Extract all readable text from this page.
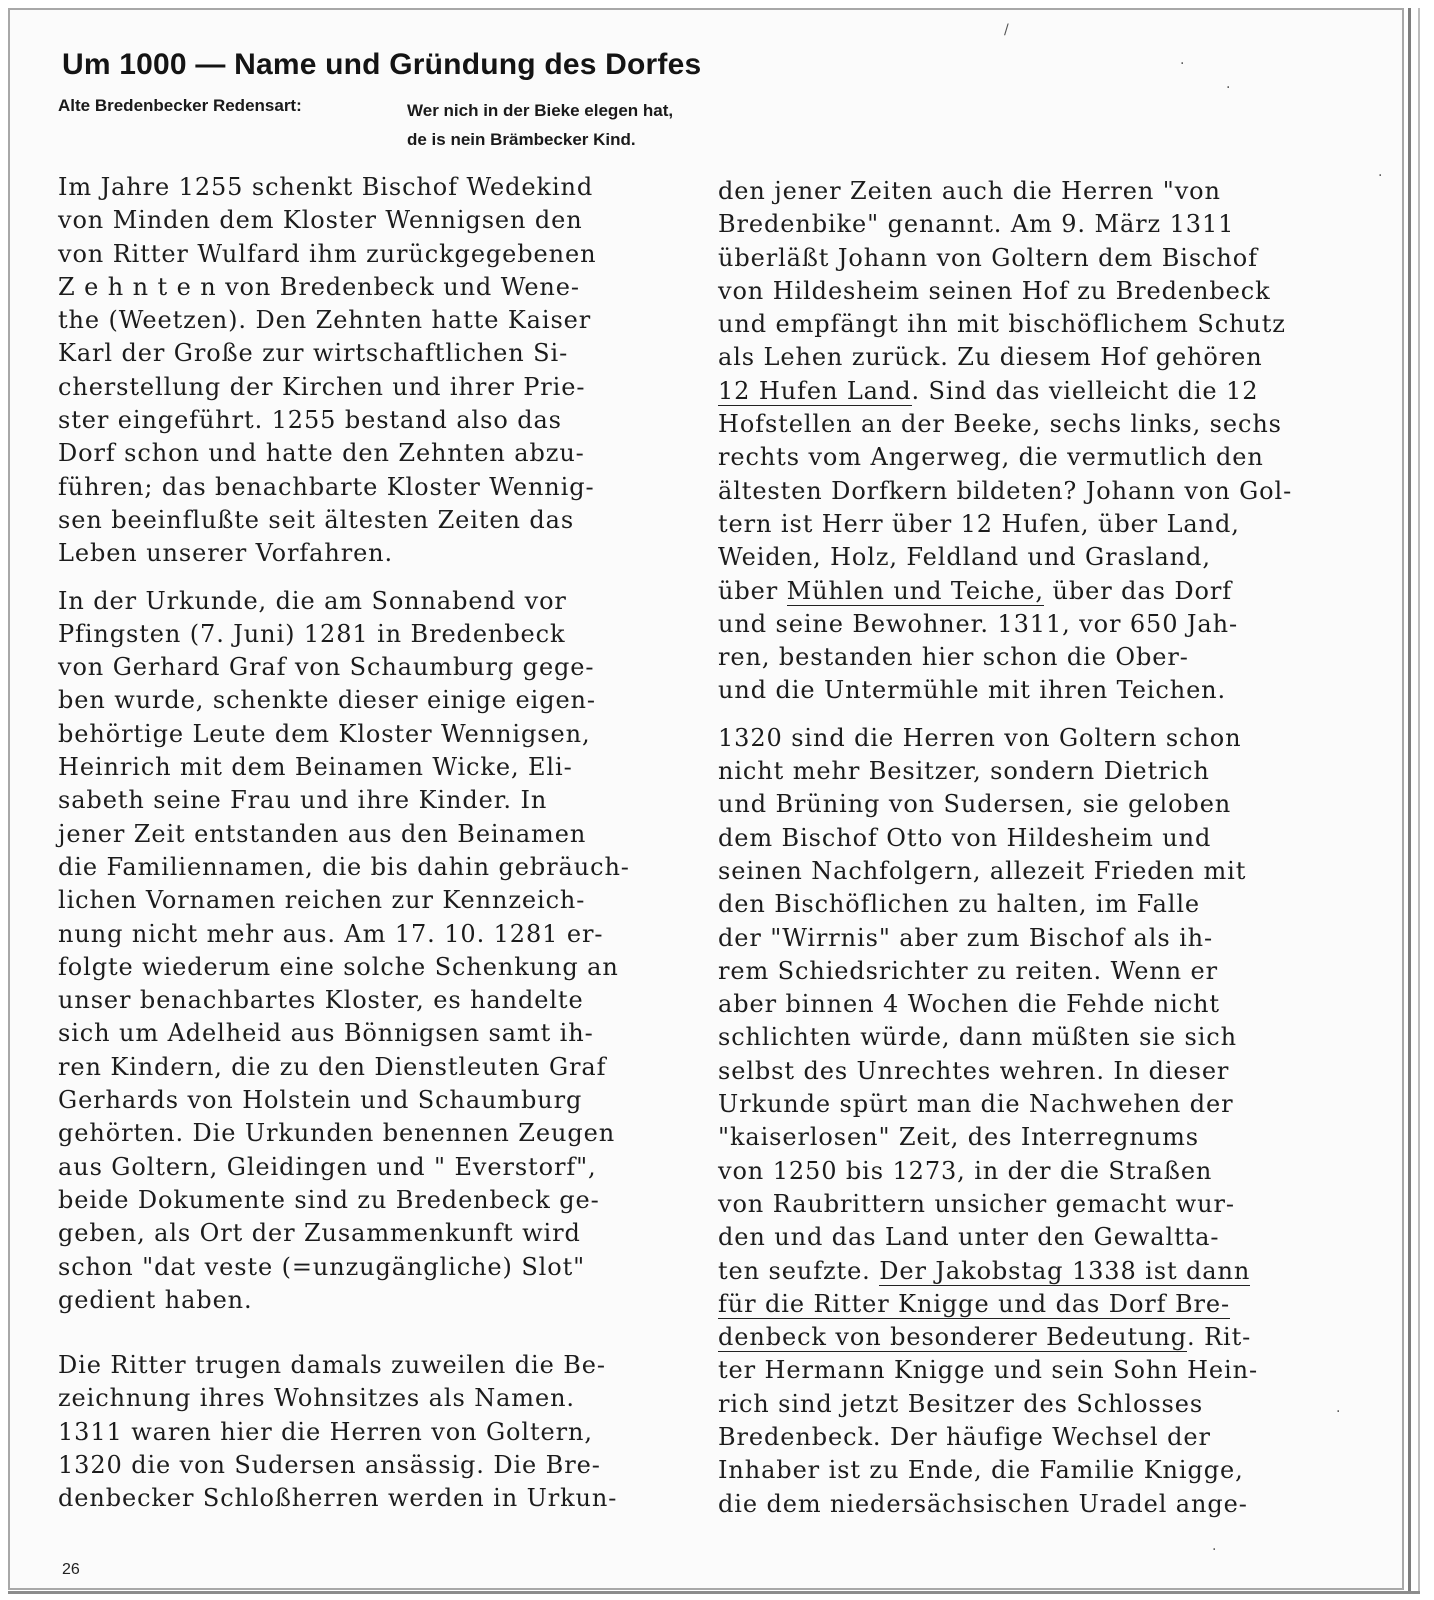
Um 1000 — Name und Gründung des Dorfes
Alte Bredenbecker Redensart:	Wer nich in der Bieke elegen hat,
de is nein Brämbecker Kind.
Im Jahre 1255 schenkt Bischof Wedekind
von Minden dem Kloster Wennigsen den
von Ritter Wulfard ihm zurückgegebenen
Z e h n t e n von Bredenbeck und Wene-
the (Weetzen). Den Zehnten hatte Kaiser
Karl der Große zur wirtschaftlichen Si-
cherstellung der Kirchen und ihrer Prie-
ster eingeführt. 1255 bestand also das
Dorf schon und hatte den Zehnten abzu-
führen; das benachbarte Kloster Wennig-
sen beeinflußte seit ältesten Zeiten das
Leben unserer Vorfahren.
In der Urkunde, die am Sonnabend vor
Pfingsten (7. Juni) 1281 in Bredenbeck
von Gerhard Graf von Schaumburg gege-
ben wurde, schenkte dieser einige eigen-
behörtige Leute dem Kloster Wennigsen,
Heinrich mit dem Beinamen Wicke, Eli-
sabeth seine Frau und ihre Kinder. In
jener Zeit entstanden aus den Beinamen
die Familiennamen, die bis dahin gebräuch-
lichen Vornamen reichen zur Kennzeich-
nung nicht mehr aus. Am 17. 10. 1281 er-
folgte wiederum eine solche Schenkung an
unser benachbartes Kloster, es handelte
sich um Adelheid aus Bönnigsen samt ih-
ren Kindern, die zu den Dienstleuten Graf
Gerhards von Holstein und Schaumburg
gehörten. Die Urkunden benennen Zeugen
aus Goltern, Gleidingen und " Everstorf",
beide Dokumente sind zu Bredenbeck ge-
geben, als Ort der Zusammenkunft wird
schon "dat veste (=unzugängliche) Slot"
gedient haben.
Die Ritter trugen damals zuweilen die Be-
zeichnung ihres Wohnsitzes als Namen.
1311 waren hier die Herren von Goltern,
1320 die von Sudersen ansässig. Die Bre-
denbecker Schloßherren werden in Urkun-
den jener Zeiten auch die Herren "von
Bredenbike" genannt. Am 9. März 1311
überläßt Johann von Goltern dem Bischof
von Hildesheim seinen Hof zu Bredenbeck
und empfängt ihn mit bischöflichem Schutz
als Lehen zurück. Zu diesem Hof gehören
12 Hufen Land. Sind das vielleicht die 12
Hofstellen an der Beeke, sechs links, sechs
rechts vom Angerweg, die vermutlich den
ältesten Dorfkern bildeten? Johann von Gol-
tern ist Herr über 12 Hufen, über Land,
Weiden, Holz, Feldland und Grasland,
über Mühlen und Teiche, über das Dorf
und seine Bewohner. 1311, vor 650 Jah-
ren, bestanden hier schon die Ober-
und die Untermühle mit ihren Teichen.
1320 sind die Herren von Goltern schon
nicht mehr Besitzer, sondern Dietrich
und Brüning von Sudersen, sie geloben
dem Bischof Otto von Hildesheim und
seinen Nachfolgern, allezeit Frieden mit
den Bischöflichen zu halten, im Falle
der "Wirrnis" aber zum Bischof als ih-
rem Schiedsrichter zu reiten. Wenn er
aber binnen 4 Wochen die Fehde nicht
schlichten würde, dann müßten sie sich
selbst des Unrechtes wehren. In dieser
Urkunde spürt man die Nachwehen der
"kaiserlosen" Zeit, des Interregnums
von 1250 bis 1273, in der die Straßen
von Raubrittern unsicher gemacht wur-
den und das Land unter den Gewaltta-
ten seufzte. Der Jakobstag 1338 ist dann
für die Ritter Knigge und das Dorf Bre-
denbeck von besonderer Bedeutung. Rit-
ter Hermann Knigge und sein Sohn Hein-
rich sind jetzt Besitzer des Schlosses
Bredenbeck. Der häufige Wechsel der
Inhaber ist zu Ende, die Familie Knigge,
die dem niedersächsischen Uradel ange-
26
/
·
·
·
·
·
